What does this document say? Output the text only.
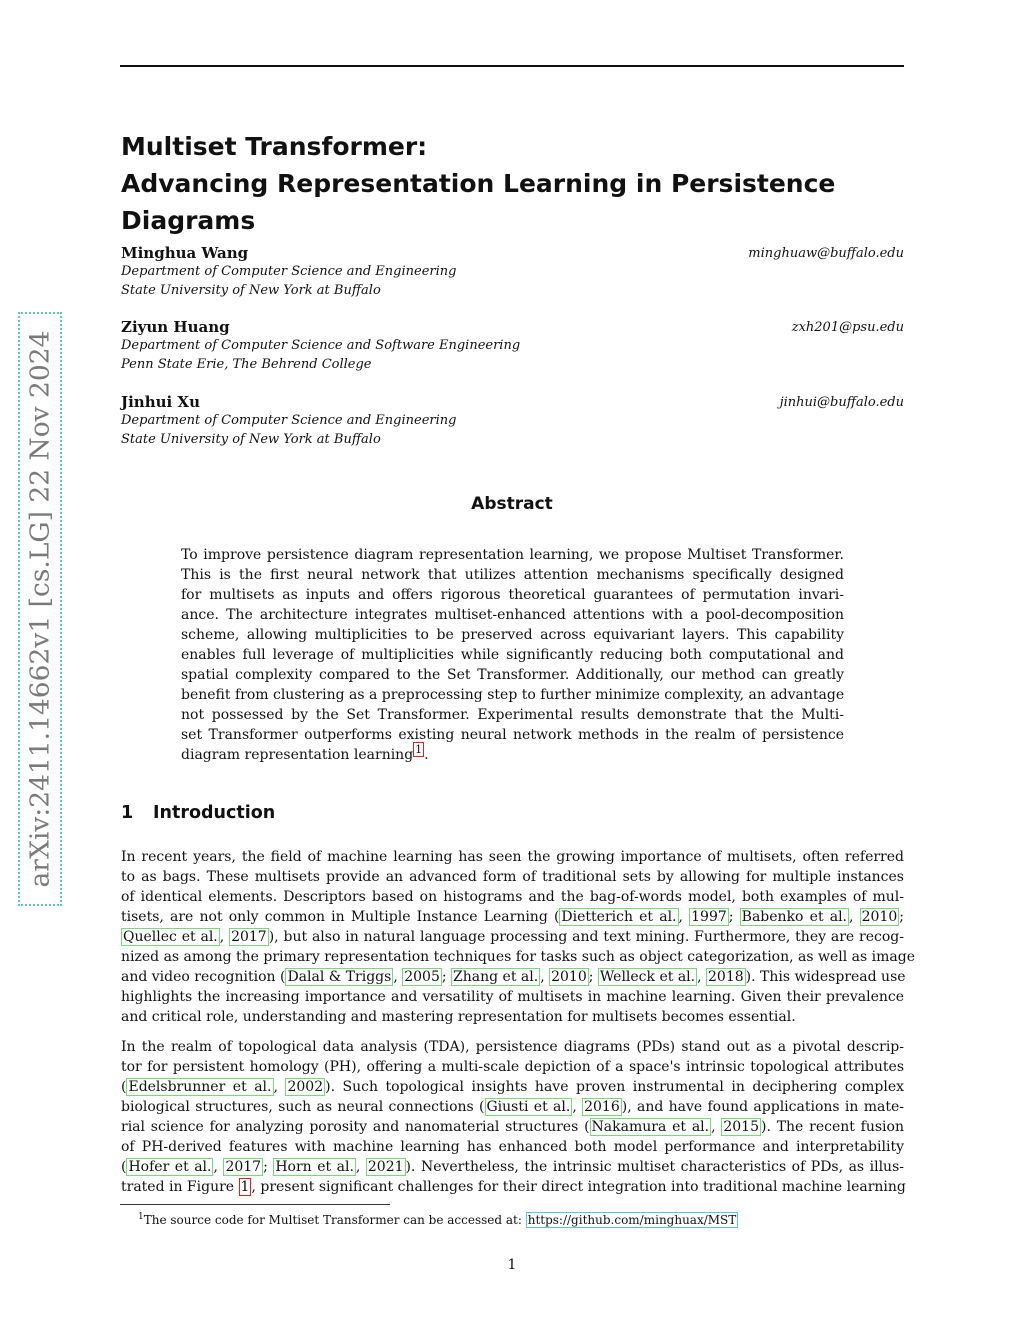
arXiv:2411.14662v1 [cs.LG] 22 Nov 2024
Multiset Transformer:
Advancing Representation Learning in Persistence Diagrams
Minghua Wang	minghuaw@buffalo.edu
Department of Computer Science and Engineering
State University of New York at Buffalo
Ziyun Huang	zxh201@psu.edu
Department of Computer Science and Software Engineering
Penn State Erie, The Behrend College
Jinhui Xu	jinhui@buffalo.edu
Department of Computer Science and Engineering
State University of New York at Buffalo
Abstract
To improve persistence diagram representation learning, we propose Multiset Transformer.
This is the first neural network that utilizes attention mechanisms specifically designed
for multisets as inputs and offers rigorous theoretical guarantees of permutation invari-
ance. The architecture integrates multiset-enhanced attentions with a pool-decomposition
scheme, allowing multiplicities to be preserved across equivariant layers. This capability
enables full leverage of multiplicities while significantly reducing both computational and
spatial complexity compared to the Set Transformer. Additionally, our method can greatly
benefit from clustering as a preprocessing step to further minimize complexity, an advantage
not possessed by the Set Transformer. Experimental results demonstrate that the Multi-
set Transformer outperforms existing neural network methods in the realm of persistence
diagram representation learning $^1$ .
1 Introduction
In recent years, the field of machine learning has seen the growing importance of multisets, often referred
to as bags. These multisets provide an advanced form of traditional sets by allowing for multiple instances
of identical elements. Descriptors based on histograms and the bag-of-words model, both examples of mul-
tisets, are not only common in Multiple Instance Learning ( Dietterich et al. , 1997 ; Babenko et al. , 2010 ;
Quellec et al. , 2017 ), but also in natural language processing and text mining. Furthermore, they are recog-
nized as among the primary representation techniques for tasks such as object categorization, as well as image
and video recognition ( Dalal & Triggs , 2005 ; Zhang et al. , 2010 ; Welleck et al. , 2018 ). This widespread use
highlights the increasing importance and versatility of multisets in machine learning. Given their prevalence
and critical role, understanding and mastering representation for multisets becomes essential.
In the realm of topological data analysis (TDA), persistence diagrams (PDs) stand out as a pivotal descrip-
tor for persistent homology (PH), offering a multi-scale depiction of a space's intrinsic topological attributes
( Edelsbrunner et al. , 2002 ). Such topological insights have proven instrumental in deciphering complex
biological structures, such as neural connections ( Giusti et al. , 2016 ), and have found applications in mate-
rial science for analyzing porosity and nanomaterial structures ( Nakamura et al. , 2015 ). The recent fusion
of PH-derived features with machine learning has enhanced both model performance and interpretability
( Hofer et al. , 2017 ; Horn et al. , 2021 ). Nevertheless, the intrinsic multiset characteristics of PDs, as illus-
trated in Figure 1 , present significant challenges for their direct integration into traditional machine learning
$^1$The source code for Multiset Transformer can be accessed at: https://github.com/minghuax/MST
1
